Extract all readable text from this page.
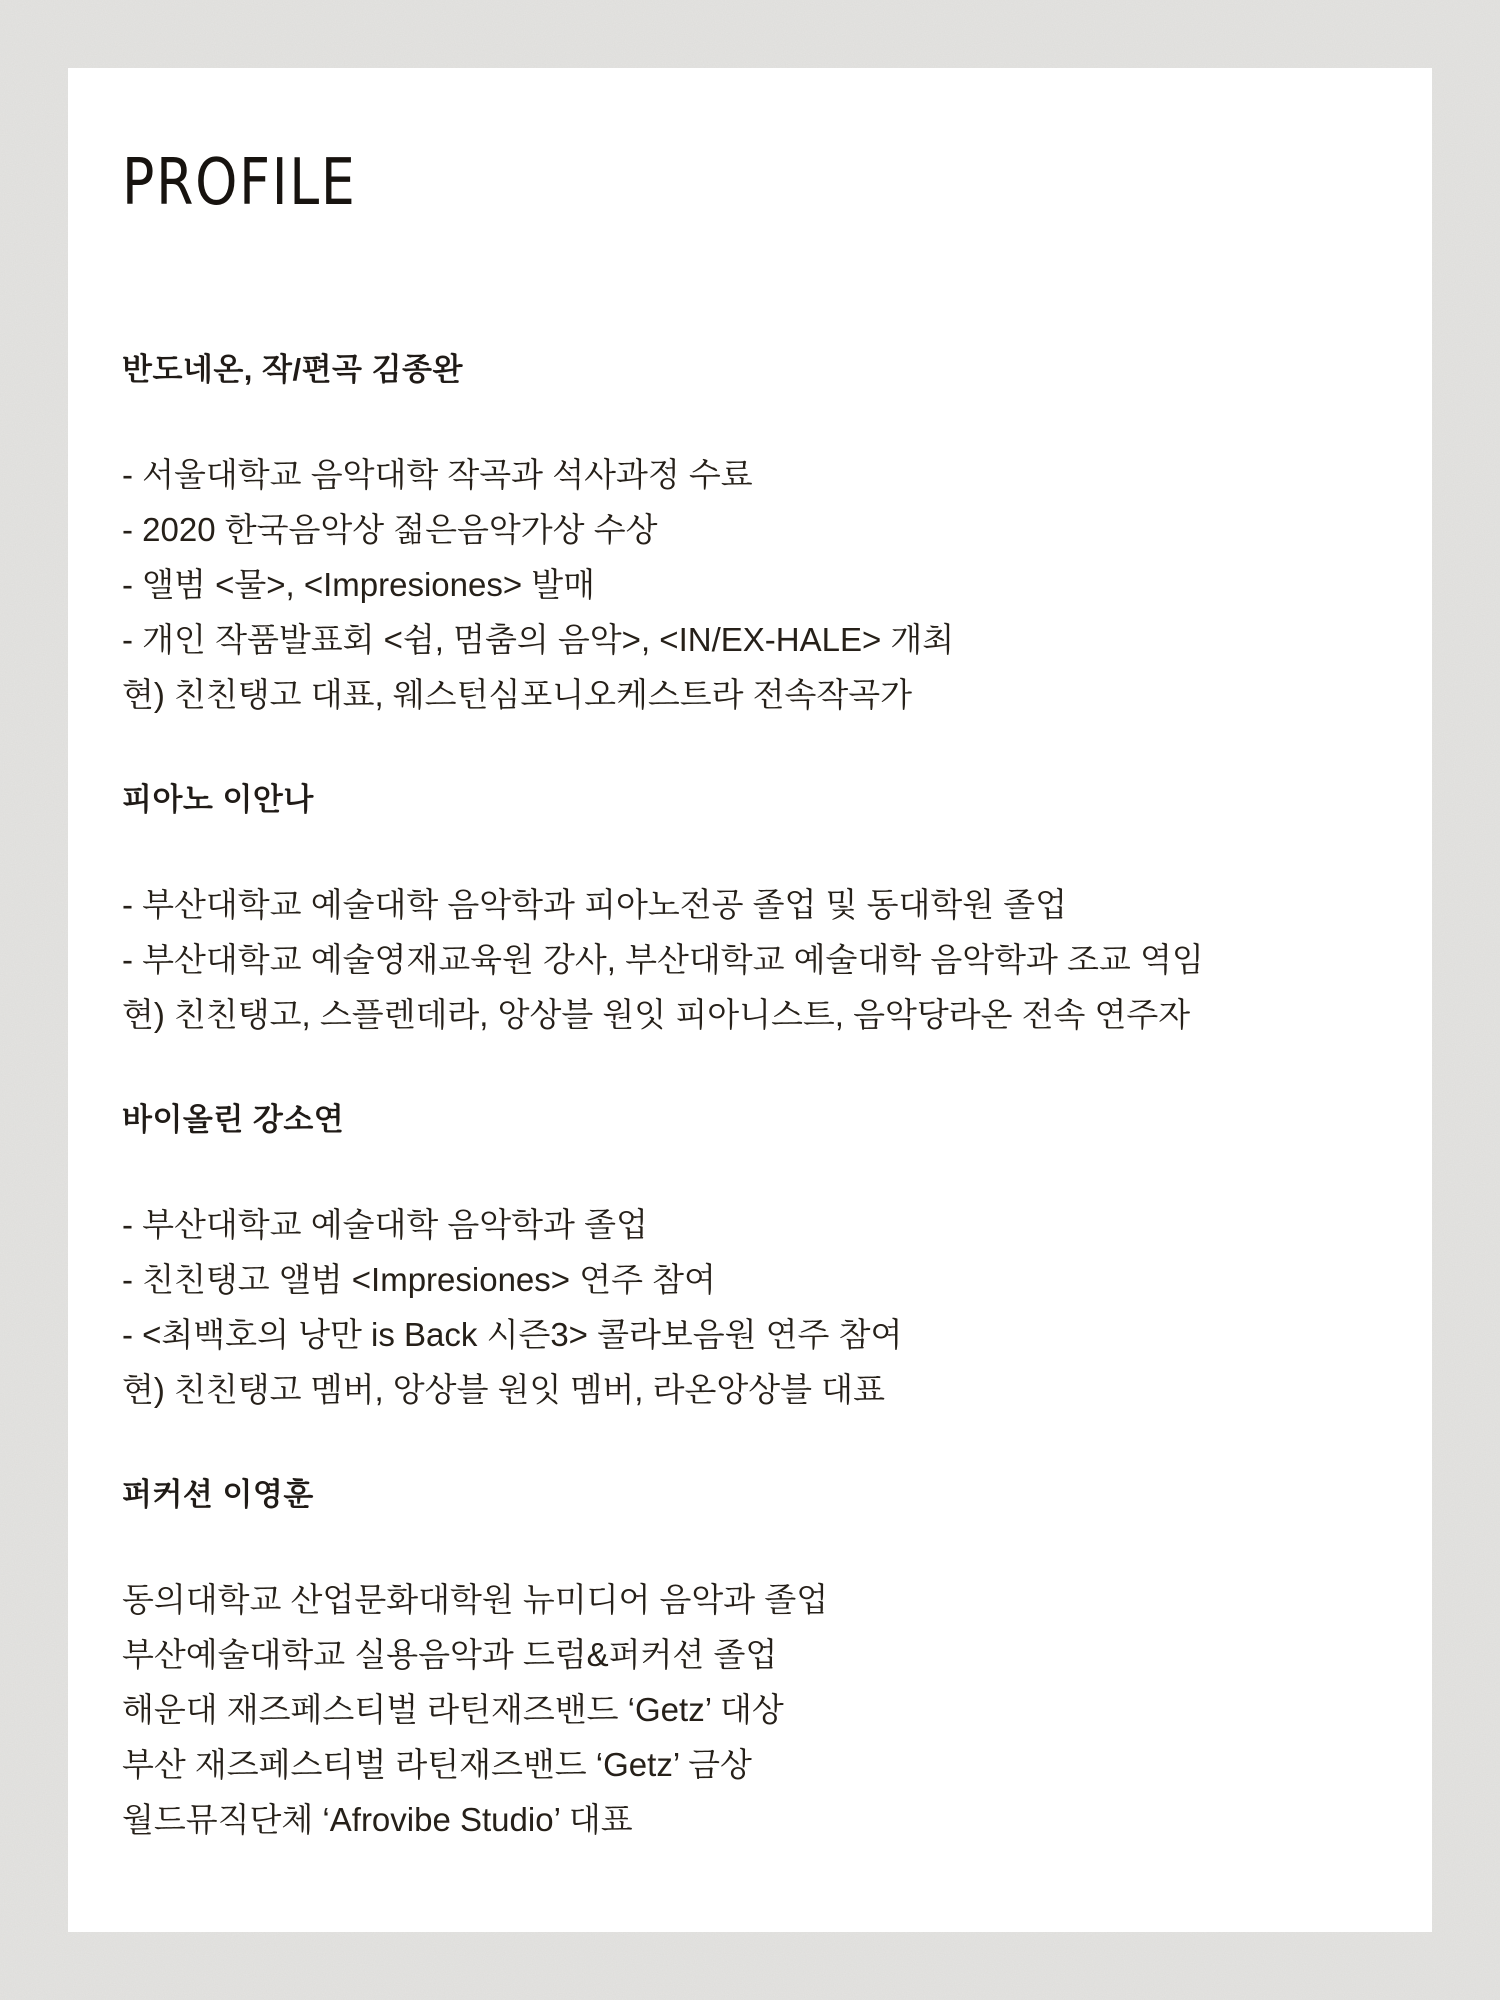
PROFILE
반도네온, 작/편곡 김종완
- 서울대학교 음악대학 작곡과 석사과정 수료
- 2020 한국음악상 젊은음악가상 수상
- 앨범 <물>, <Impresiones> 발매
- 개인 작품발표회 <쉼, 멈춤의 음악>, <IN/EX-HALE> 개최
현) 친친탱고 대표, 웨스턴심포니오케스트라 전속작곡가
피아노 이안나
- 부산대학교 예술대학 음악학과 피아노전공 졸업 및 동대학원 졸업
- 부산대학교 예술영재교육원 강사, 부산대학교 예술대학 음악학과 조교 역임
현) 친친탱고, 스플렌데라, 앙상블 원잇 피아니스트, 음악당라온 전속 연주자
바이올린 강소연
- 부산대학교 예술대학 음악학과 졸업
- 친친탱고 앨범 <Impresiones> 연주 참여
- <최백호의 낭만 is Back 시즌3> 콜라보음원 연주 참여
현) 친친탱고 멤버, 앙상블 원잇 멤버, 라온앙상블 대표
퍼커션 이영훈
동의대학교 산업문화대학원 뉴미디어 음악과 졸업
부산예술대학교 실용음악과 드럼&퍼커션 졸업
해운대 재즈페스티벌 라틴재즈밴드 ‘Getz’ 대상
부산 재즈페스티벌 라틴재즈밴드 ‘Getz’ 금상
월드뮤직단체 ‘Afrovibe Studio’ 대표
